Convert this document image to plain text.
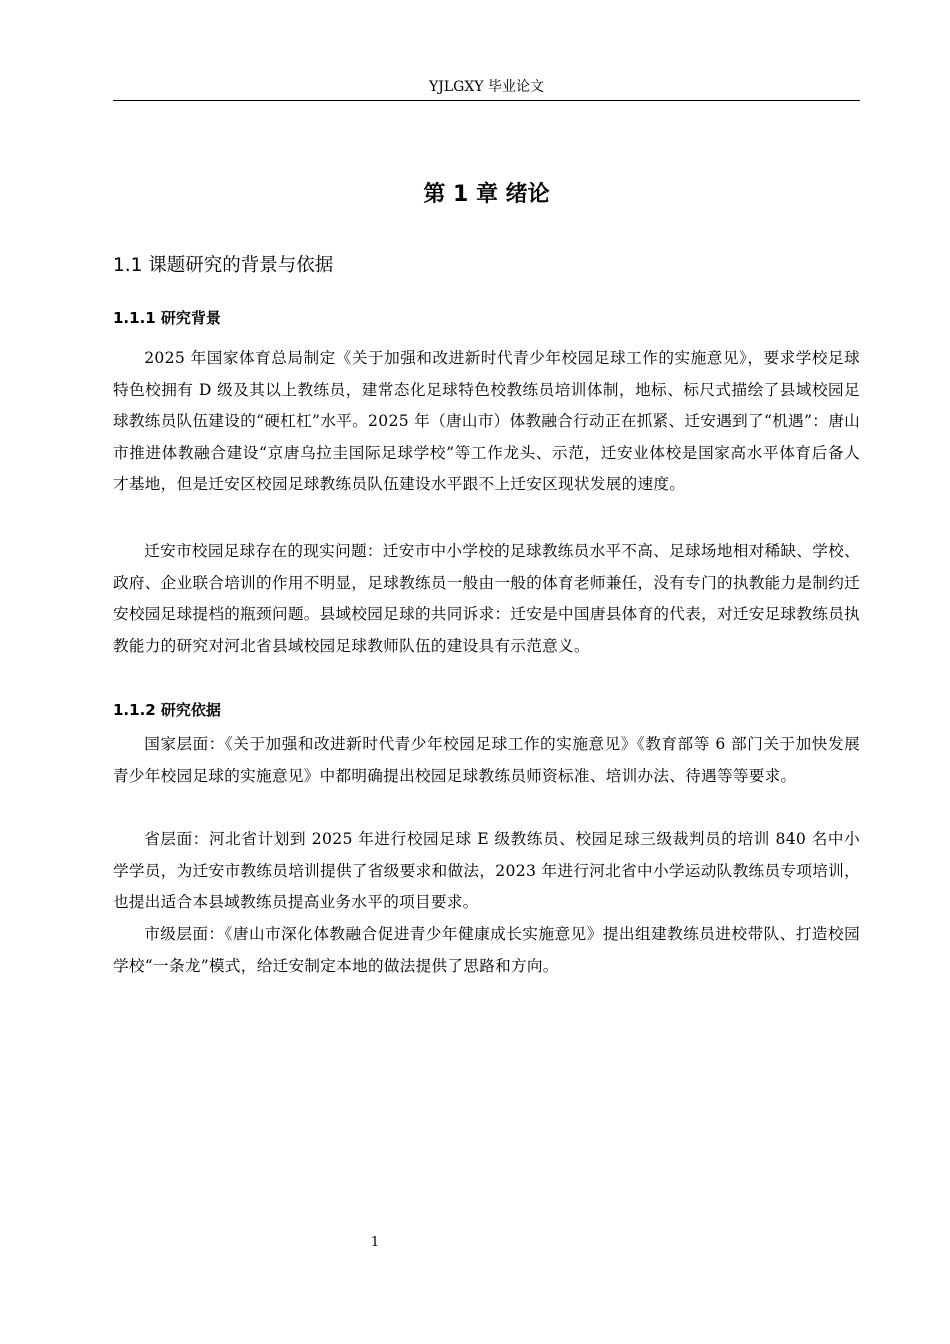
YJLGXY 毕业论文
第 1 章 绪论
1.1 课题研究的背景与依据
1.1.1 研究背景

2025 年国家体育总局制定《关于加强和改进新时代青少年校园足球工作的实施意见》，要求学校足球特色校拥有 D 级及其以上教练员，建常态化足球特色校教练员培训体制，地标、标尺式描绘了县域校园足球教练员队伍建设的“硬杠杠”水平。2025 年（唐山市）体教融合行动正在抓紧、迁安遇到了“机遇”：唐山市推进体教融合建设“京唐乌拉圭国际足球学校”等工作龙头、示范，迁安业体校是国家高水平体育后备人才基地，但是迁安区校园足球教练员队伍建设水平跟不上迁安区现状发展的速度。

迁安市校园足球存在的现实问题：迁安市中小学校的足球教练员水平不高、足球场地相对稀缺、学校、政府、企业联合培训的作用不明显，足球教练员一般由一般的体育老师兼任，没有专门的执教能力是制约迁安校园足球提档的瓶颈问题。县域校园足球的共同诉求：迁安是中国唐县体育的代表，对迁安足球教练员执教能力的研究对河北省县域校园足球教师队伍的建设具有示范意义。

1.1.2 研究依据

国家层面：《关于加强和改进新时代青少年校园足球工作的实施意见》《教育部等 6 部门关于加快发展青少年校园足球的实施意见》中都明确提出校园足球教练员师资标准、培训办法、待遇等等要求。

省层面：河北省计划到 2025 年进行校园足球 E 级教练员、校园足球三级裁判员的培训 840 名中小学学员，为迁安市教练员培训提供了省级要求和做法，2023 年进行河北省中小学运动队教练员专项培训，也提出适合本县域教练员提高业务水平的项目要求。

市级层面：《唐山市深化体教融合促进青少年健康成长实施意见》提出组建教练员进校带队、打造校园学校“一条龙”模式，给迁安制定本地的做法提供了思路和方向。

1
